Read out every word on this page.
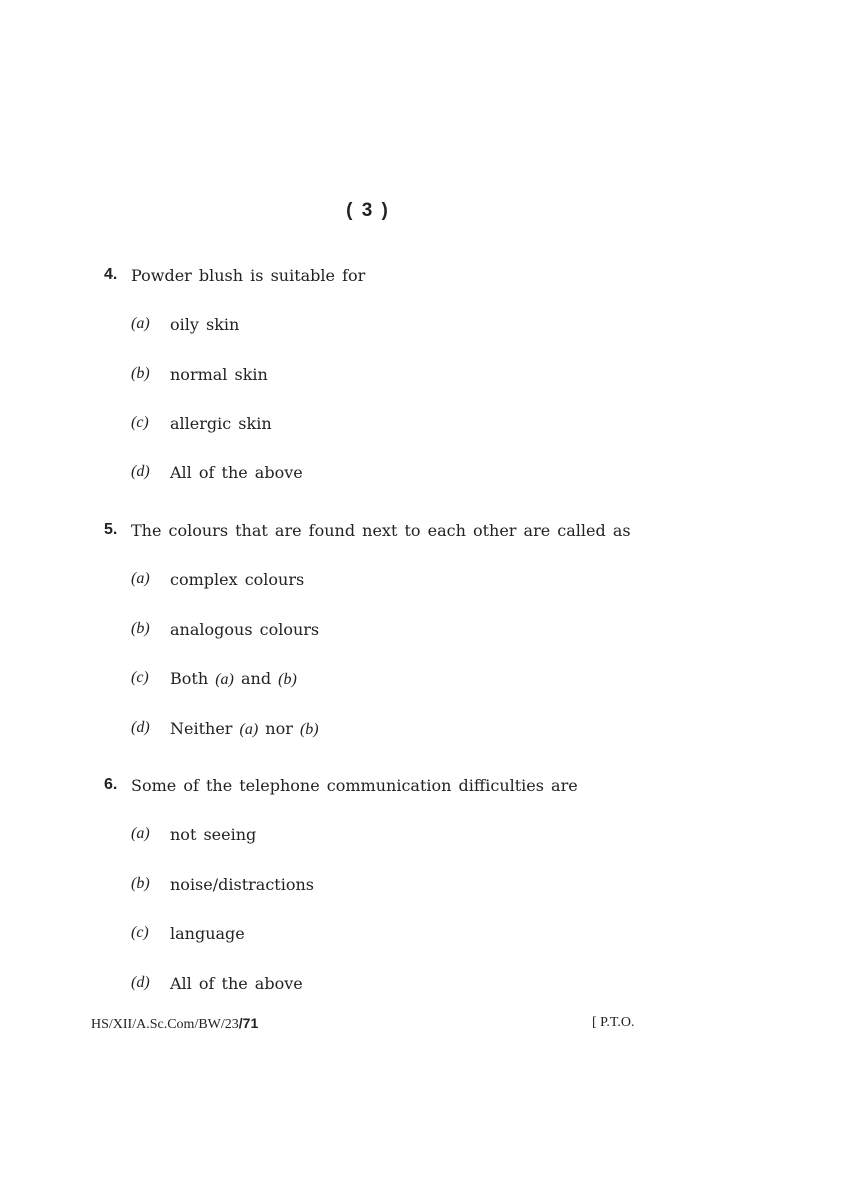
( 3 )
4. Powder blush is suitable for
(a) oily skin
(b) normal skin
(c) allergic skin
(d) All of the above
5. The colours that are found next to each other are called as
(a) complex colours
(b) analogous colours
(c) Both (a) and (b)
(d) Neither (a) nor (b)
6. Some of the telephone communication difficulties are
(a) not seeing
(b) noise/distractions
(c) language
(d) All of the above
HS/XII/A.Sc.Com/BW/23/71	[ P.T.O.
